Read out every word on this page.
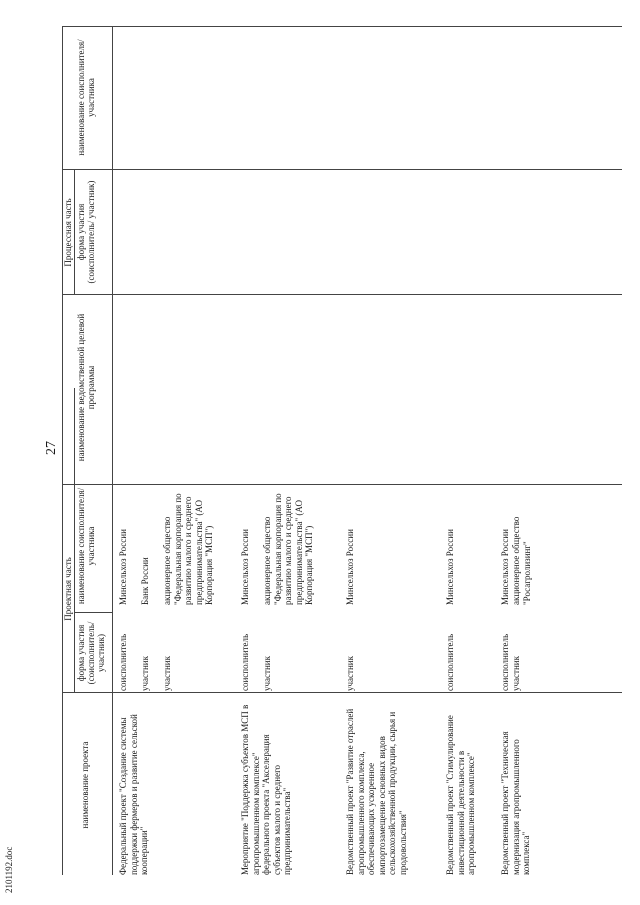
27
2101192.doc
Проектная часть
Процессная часть
наименование проекта
форма участия (соисполнитель/ участник)
наименование соисполнителя/ участника
наименование ведомственной целевой программы
форма участия (соисполнитель/ участник)
наименование соисполнителя/ участника
Федеральный проект "Создание системы поддержки фермеров и развитие сельской кооперации"
соисполнитель
Минсельхоз России
участник
Банк России
участник
акционерное общество "Федеральная корпорация по развитию малого и среднего предпринимательства" (АО Корпорация "МСП")
Мероприятие "Поддержка субъектов МСП в агропромышленном комплексе" федерального проекта "Акселерация субъектов малого и среднего предпринимательства"
соисполнитель
Минсельхоз России
участник
акционерное общество "Федеральная корпорация по развитию малого и среднего предпринимательства" (АО Корпорация "МСП")
Ведомственный проект "Развитие отраслей агропромышленного комплекса, обеспечивающих ускоренное импортозамещение основных видов сельскохозяйственной продукции, сырья и продовольствия"
участник
Минсельхоз России
Ведомственный проект "Стимулирование инвестиционной деятельности в агропромышленном комплексе"
соисполнитель
Минсельхоз России
Ведомственный проект "Техническая модернизация агропромышленного комплекса"
соисполнитель
Минсельхоз России
участник
акционерное общество "Росагролизинг"
